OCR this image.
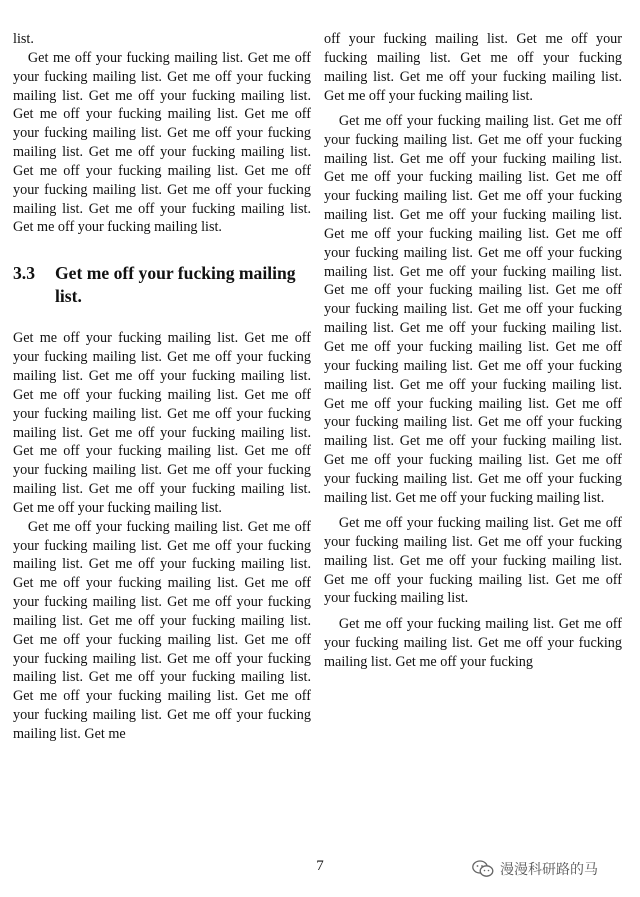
list.

Get me off your fucking mailing list. Get me off your fucking mailing list. Get me off your fucking mailing list. Get me off your fucking mailing list. Get me off your fucking mailing list. Get me off your fucking mailing list. Get me off your fucking mailing list. Get me off your fucking mailing list. Get me off your fucking mailing list. Get me off your fucking mailing list. Get me off your fucking mailing list. Get me off your fucking mailing list. Get me off your fucking mailing list.

3.3	Get me off your fucking mailing list.

Get me off your fucking mailing list. Get me off your fucking mailing list. Get me off your fucking mailing list. Get me off your fucking mailing list. Get me off your fucking mailing list. Get me off your fucking mailing list. Get me off your fucking mailing list. Get me off your fucking mailing list. Get me off your fucking mailing list. Get me off your fucking mailing list. Get me off your fucking mailing list. Get me off your fucking mailing list. Get me off your fucking mailing list.

Get me off your fucking mailing list. Get me off your fucking mailing list. Get me off your fucking mailing list. Get me off your fucking mailing list. Get me off your fucking mailing list. Get me off your fucking mailing list. Get me off your fucking mailing list. Get me off your fucking mailing list. Get me off your fucking mailing list. Get me off your fucking mailing list. Get me off your fucking mailing list. Get me off your fucking mailing list. Get me off your fucking mailing list. Get me off your fucking mailing list. Get me off your fucking mailing list. Get me

off your fucking mailing list. Get me off your fucking mailing list. Get me off your fucking mailing list. Get me off your fucking mailing list. Get me off your fucking mailing list.

Get me off your fucking mailing list. Get me off your fucking mailing list. Get me off your fucking mailing list. Get me off your fucking mailing list. Get me off your fucking mailing list. Get me off your fucking mailing list. Get me off your fucking mailing list. Get me off your fucking mailing list. Get me off your fucking mailing list. Get me off your fucking mailing list. Get me off your fucking mailing list. Get me off your fucking mailing list. Get me off your fucking mailing list. Get me off your fucking mailing list. Get me off your fucking mailing list. Get me off your fucking mailing list. Get me off your fucking mailing list. Get me off your fucking mailing list. Get me off your fucking mailing list. Get me off your fucking mailing list. Get me off your fucking mailing list. Get me off your fucking mailing list. Get me off your fucking mailing list. Get me off your fucking mailing list. Get me off your fucking mailing list. Get me off your fucking mailing list. Get me off your fucking mailing list. Get me off your fucking mailing list.

Get me off your fucking mailing list. Get me off your fucking mailing list. Get me off your fucking mailing list. Get me off your fucking mailing list. Get me off your fucking mailing list. Get me off your fucking mailing list.

Get me off your fucking mailing list. Get me off your fucking mailing list. Get me off your fucking mailing list. Get me off your fucking

7	漫漫科研路的马
